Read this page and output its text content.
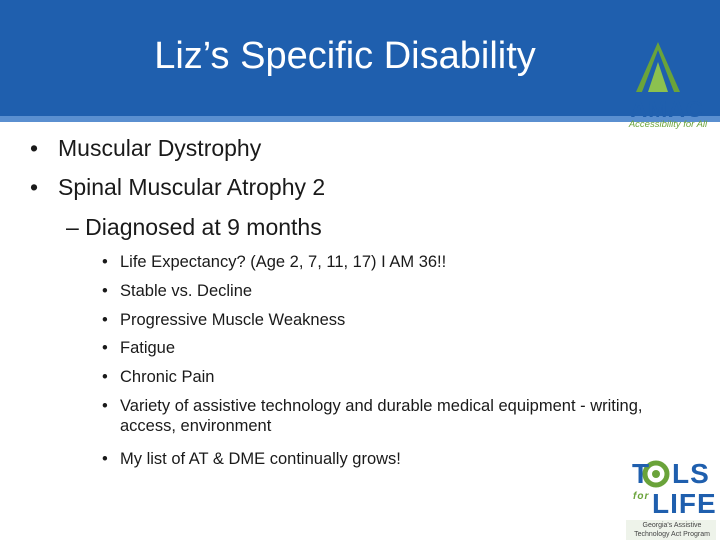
Liz’s Specific Disability
AMAC
Accessibility for All
• Muscular Dystrophy
• Spinal Muscular Atrophy 2
– Diagnosed at 9 months
• Life Expectancy? (Age 2, 7, 11, 17) I AM 36!!
• Stable vs. Decline
• Progressive Muscle Weakness
• Fatigue
• Chronic Pain
• Variety of assistive technology and durable medical equipment - writing, access, environment
• My list of AT & DME continually grows!	T LS
for LIFE
Georgia's Assistive
Technology Act Program
